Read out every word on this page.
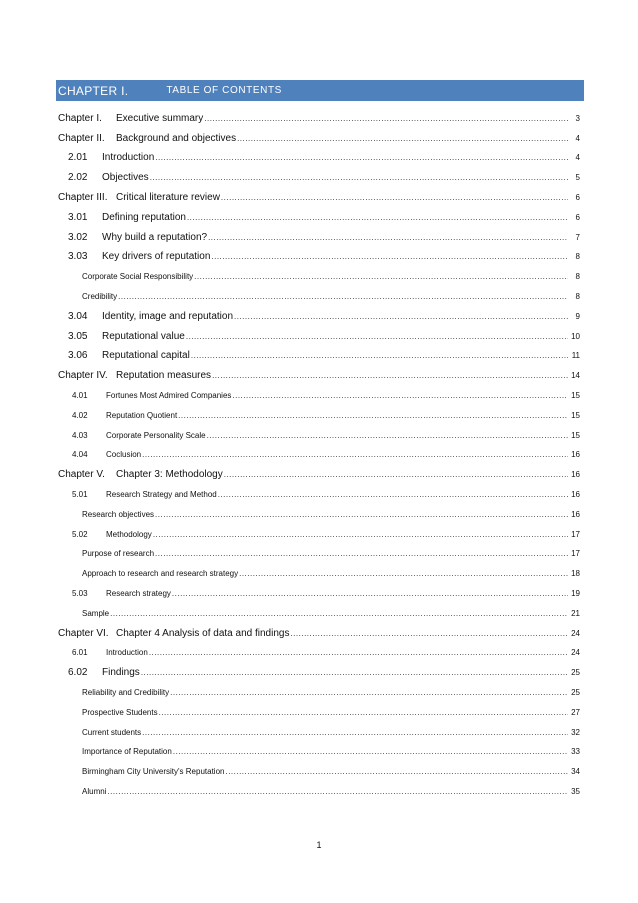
CHAPTER I.	TABLE OF CONTENTS
Chapter I.	Executive summary .....	3
Chapter II.	Background and objectives .....	4
2.01	Introduction .....	4
2.02	Objectives .....	5
Chapter III. Critical literature review .....	6
3.01	Defining reputation .....	6
3.02	Why build a reputation? .....	7
3.03	Key drivers of reputation .....	8
Corporate Social Responsibility .....	8
Credibility .....	8
3.04	Identity, image and reputation .....	9
3.05	Reputational value .....	10
3.06	Reputational capital .....	11
Chapter IV. Reputation measures .....	14
4.01	Fortunes Most Admired Companies .....	15
4.02	Reputation Quotient .....	15
4.03	Corporate Personality Scale .....	15
4.04	Coclusion .....	16
Chapter V.	Chapter 3: Methodology .....	16
5.01	Research Strategy and Method .....	16
Research objectives .....	16
5.02	Methodology .....	17
Purpose of research .....	17
Approach to research and research strategy .....	18
5.03	Research strategy .....	19
Sample .....	21
Chapter VI. Chapter 4 Analysis of data and findings .....	24
6.01	Introduction .....	24
6.02	Findings .....	25
Reliability and Credibility .....	25
Prospective Students .....	27
Current students .....	32
Importance of Reputation .....	33
Birmingham City University's Reputation .....	34
Alumni .....	35
1
